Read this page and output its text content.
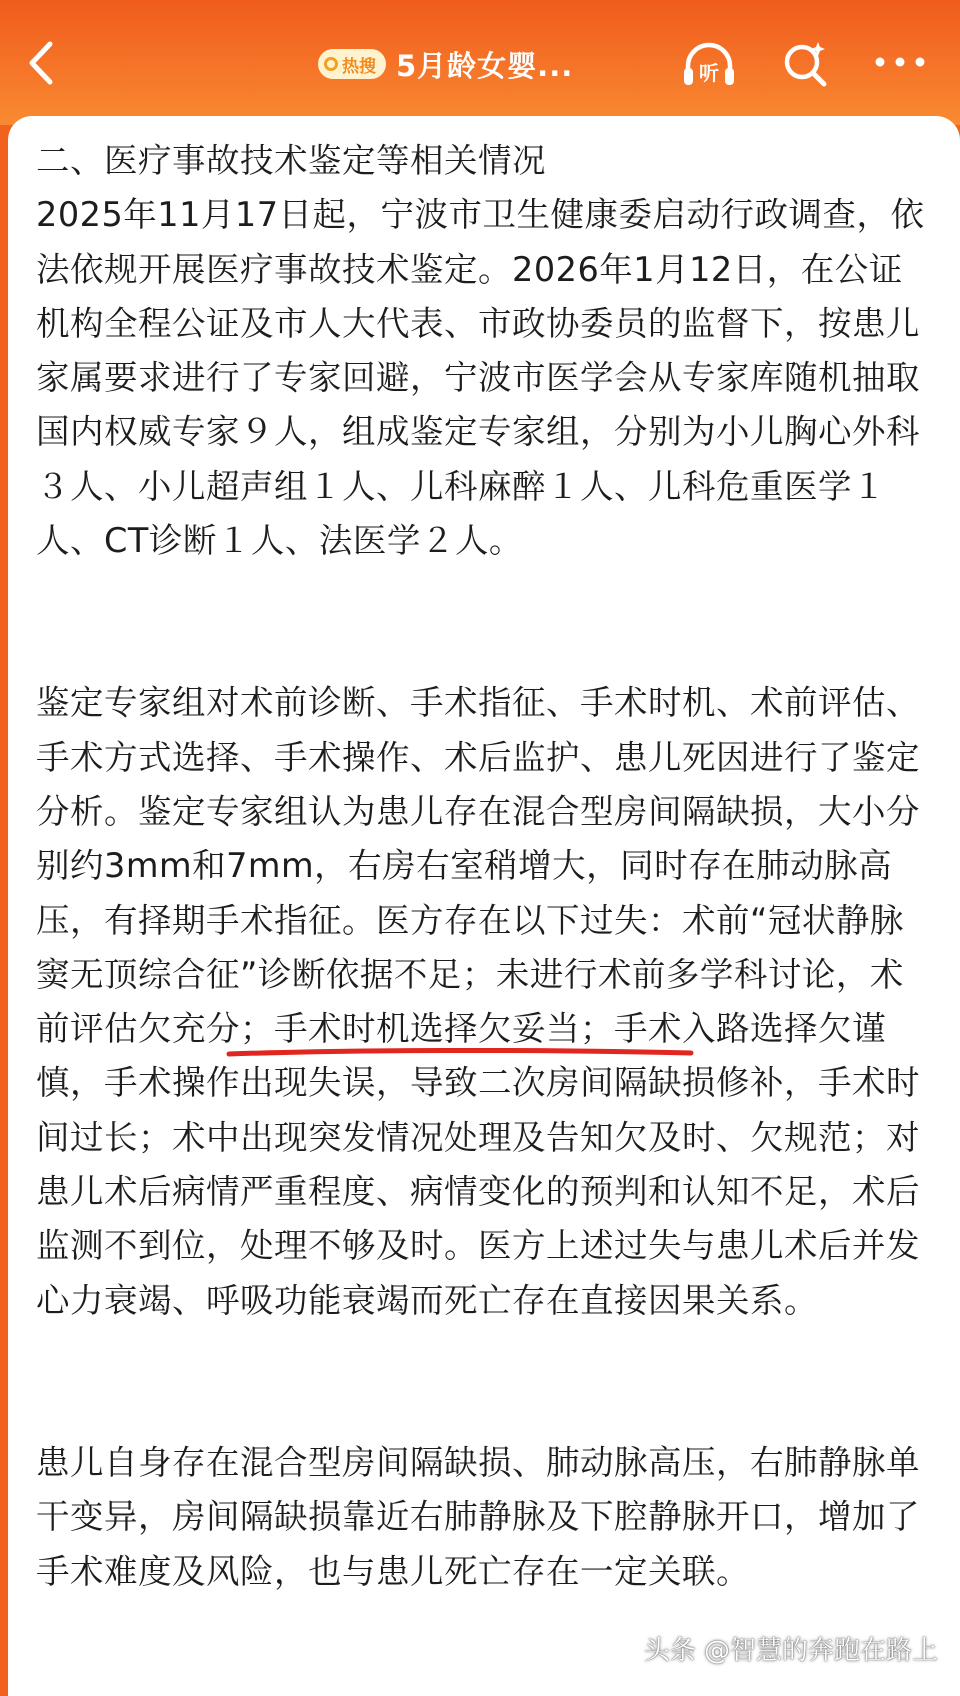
热搜 5月龄女婴...	听

二、医疗事故技术鉴定等相关情况

2025年11月17日起，宁波市卫生健康委启动行政调查，依法依规开展医疗事故技术鉴定。2026年1月12日，在公证机构全程公证及市人大代表、市政协委员的监督下，按患儿家属要求进行了专家回避，宁波市医学会从专家库随机抽取国内权威专家９人，组成鉴定专家组，分别为小儿胸心外科３人、小儿超声组１人、儿科麻醉１人、儿科危重医学１人、CT诊断１人、法医学２人。

鉴定专家组对术前诊断、手术指征、手术时机、术前评估、手术方式选择、手术操作、术后监护、患儿死因进行了鉴定分析。鉴定专家组认为患儿存在混合型房间隔缺损，大小分别约3mm和7mm，右房右室稍增大，同时存在肺动脉高压，有择期手术指征。医方存在以下过失：术前“冠状静脉窦无顶综合征”诊断依据不足；未进行术前多学科讨论，术前评估欠充分；手术时机选择欠妥当；手术入路选择欠谨慎，手术操作出现失误，导致二次房间隔缺损修补，手术时间过长；术中出现突发情况处理及告知欠及时、欠规范；对患儿术后病情严重程度、病情变化的预判和认知不足，术后监测不到位，处理不够及时。医方上述过失与患儿术后并发心力衰竭、呼吸功能衰竭而死亡存在直接因果关系。

患儿自身存在混合型房间隔缺损、肺动脉高压，右肺静脉单干变异，房间隔缺损靠近右肺静脉及下腔静脉开口，增加了手术难度及风险，也与患儿死亡存在一定关联。

头条 @智慧的奔跑在路上
